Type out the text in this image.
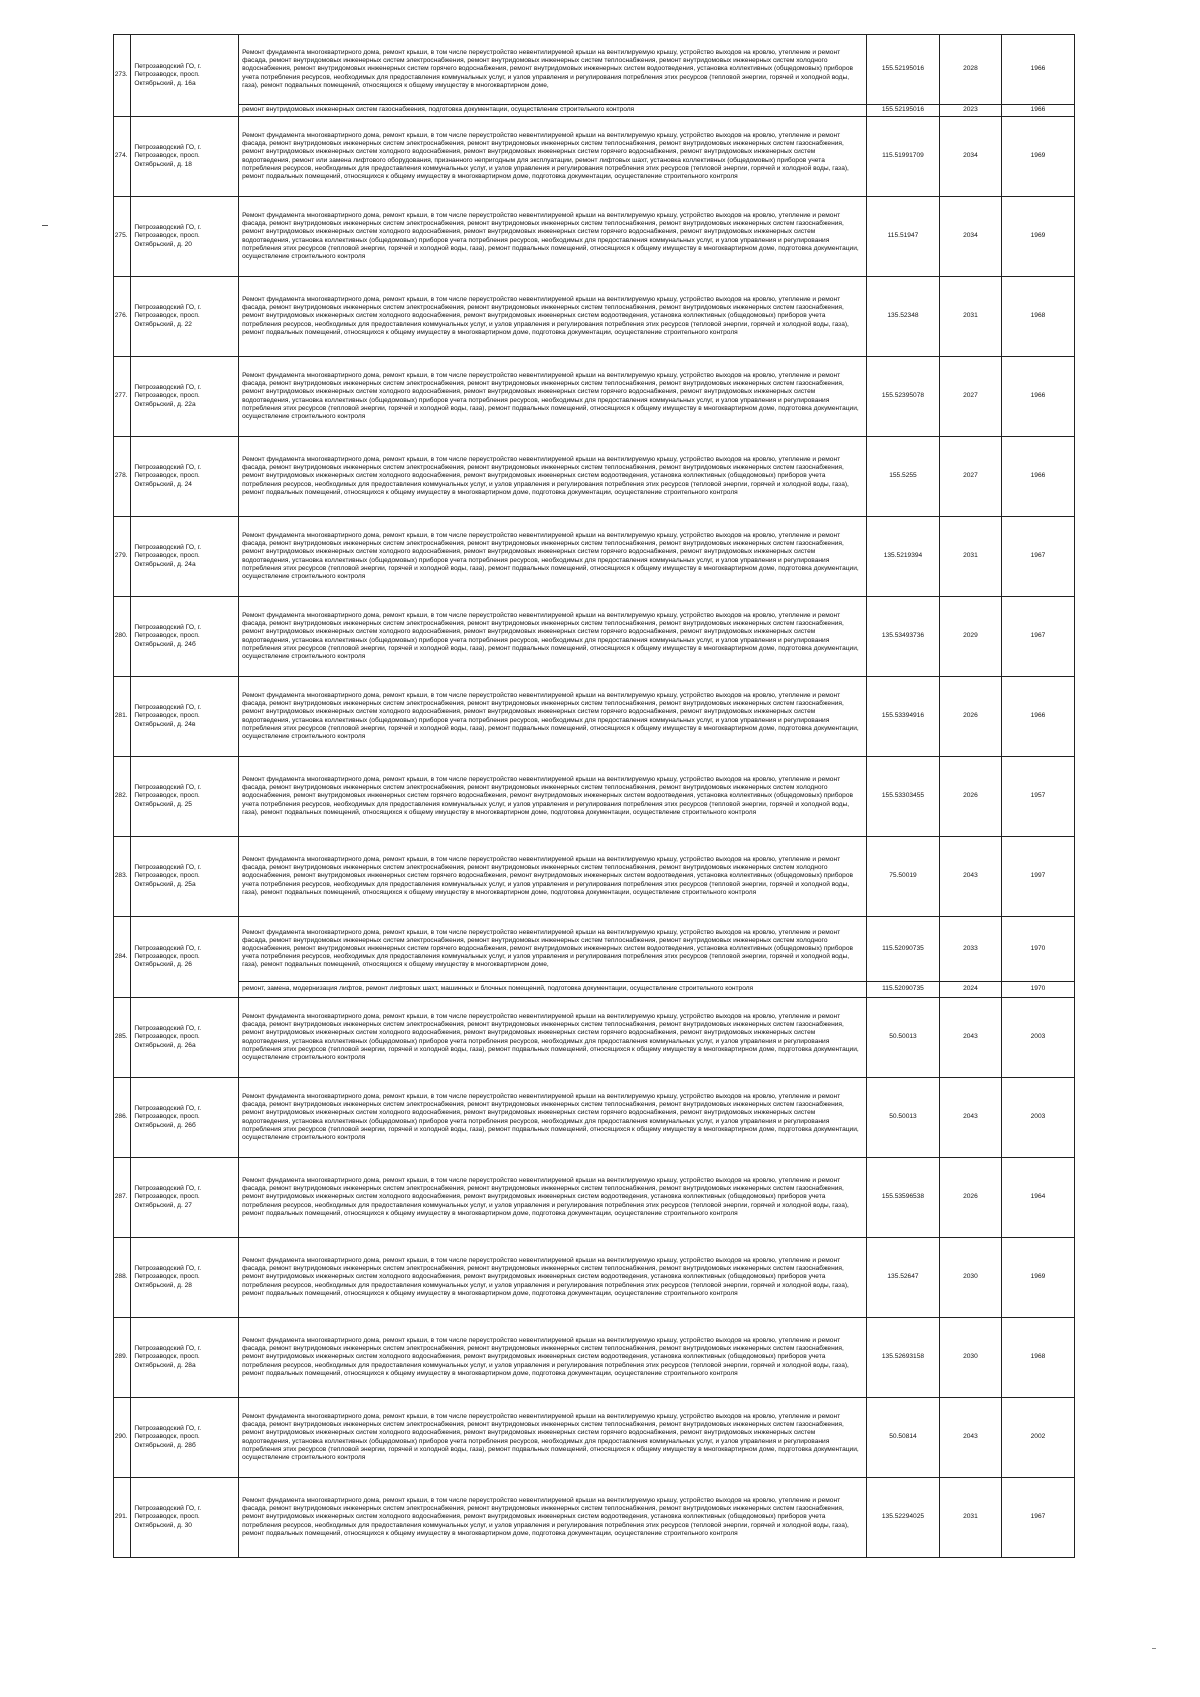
273.	Петрозаводский ГО, г. Петрозаводск, просп. Октябрьский, д. 16а	Ремонт фундамента многоквартирного дома, ремонт крыши, в том числе переустройство невентилируемой крыши на вентилируемую крышу, устройство выходов на кровлю, утепление и ремонт фасада, ремонт внутридомовых инженерных систем электроснабжения, ремонт внутридомовых инженерных систем теплоснабжения, ремонт внутридомовых инженерных систем холодного водоснабжения, ремонт внутридомовых инженерных систем горячего водоснабжения, ремонт внутридомовых инженерных систем водоотведения, установка коллективных (общедомовых) приборов учета потребления ресурсов, необходимых для предоставления коммунальных услуг, и узлов управления и регулирования потребления этих ресурсов (тепловой энергии, горячей и холодной воды, газа), ремонт подвальных помещений, относящихся к общему имуществу в многоквартирном доме,	155.52195016	2028	1966
		ремонт внутридомовых инженерных систем газоснабжения, подготовка документации, осуществление строительного контроля	155.52195016	2023	1966
274.	Петрозаводский ГО, г. Петрозаводск, просп. Октябрьский, д. 18	Ремонт фундамента многоквартирного дома, ремонт крыши, в том числе переустройство невентилируемой крыши на вентилируемую крышу, устройство выходов на кровлю, утепление и ремонт фасада, ремонт внутридомовых инженерных систем электроснабжения, ремонт внутридомовых инженерных систем теплоснабжения, ремонт внутридомовых инженерных систем газоснабжения, ремонт внутридомовых инженерных систем холодного водоснабжения, ремонт внутридомовых инженерных систем горячего водоснабжения, ремонт внутридомовых инженерных систем водоотведения, ремонт или замена лифтового оборудования, признанного непригодным для эксплуатации, ремонт лифтовых шахт, установка коллективных (общедомовых) приборов учета потребления ресурсов, необходимых для предоставления коммунальных услуг, и узлов управления и регулирования потребления этих ресурсов (тепловой энергии, горячей и холодной воды, газа), ремонт подвальных помещений, относящихся к общему имуществу в многоквартирном доме, подготовка документации, осуществление строительного контроля	115.51991709	2034	1969
275.	Петрозаводский ГО, г. Петрозаводск, просп. Октябрьский, д. 20	Ремонт фундамента многоквартирного дома, ремонт крыши, в том числе переустройство невентилируемой крыши на вентилируемую крышу, устройство выходов на кровлю, утепление и ремонт фасада, ремонт внутридомовых инженерных систем электроснабжения, ремонт внутридомовых инженерных систем теплоснабжения, ремонт внутридомовых инженерных систем газоснабжения, ремонт внутридомовых инженерных систем холодного водоснабжения, ремонт внутридомовых инженерных систем горячего водоснабжения, ремонт внутридомовых инженерных систем водоотведения, установка коллективных (общедомовых) приборов учета потребления ресурсов, необходимых для предоставления коммунальных услуг, и узлов управления и регулирования потребления этих ресурсов (тепловой энергии, горячей и холодной воды, газа), ремонт подвальных помещений, относящихся к общему имуществу в многоквартирном доме, подготовка документации, осуществление строительного контроля	115.51947	2034	1969
276.	Петрозаводский ГО, г. Петрозаводск, просп. Октябрьский, д. 22	Ремонт фундамента многоквартирного дома, ремонт крыши, в том числе переустройство невентилируемой крыши на вентилируемую крышу, устройство выходов на кровлю, утепление и ремонт фасада, ремонт внутридомовых инженерных систем электроснабжения, ремонт внутридомовых инженерных систем теплоснабжения, ремонт внутридомовых инженерных систем газоснабжения, ремонт внутридомовых инженерных систем холодного водоснабжения, ремонт внутридомовых инженерных систем водоотведения, установка коллективных (общедомовых) приборов учета потребления ресурсов, необходимых для предоставления коммунальных услуг, и узлов управления и регулирования потребления этих ресурсов (тепловой энергии, горячей и холодной воды, газа), ремонт подвальных помещений, относящихся к общему имуществу в многоквартирном доме, подготовка документации, осуществление строительного контроля	135.52348	2031	1968
277.	Петрозаводский ГО, г. Петрозаводск, просп. Октябрьский, д. 22а	Ремонт фундамента многоквартирного дома, ремонт крыши, в том числе переустройство невентилируемой крыши на вентилируемую крышу, устройство выходов на кровлю, утепление и ремонт фасада, ремонт внутридомовых инженерных систем электроснабжения, ремонт внутридомовых инженерных систем теплоснабжения, ремонт внутридомовых инженерных систем газоснабжения, ремонт внутридомовых инженерных систем холодного водоснабжения, ремонт внутридомовых инженерных систем горячего водоснабжения, ремонт внутридомовых инженерных систем водоотведения, установка коллективных (общедомовых) приборов учета потребления ресурсов, необходимых для предоставления коммунальных услуг, и узлов управления и регулирования потребления этих ресурсов (тепловой энергии, горячей и холодной воды, газа), ремонт подвальных помещений, относящихся к общему имуществу в многоквартирном доме, подготовка документации, осуществление строительного контроля	155.52395078	2027	1966
278.	Петрозаводский ГО, г. Петрозаводск, просп. Октябрьский, д. 24	Ремонт фундамента многоквартирного дома, ремонт крыши, в том числе переустройство невентилируемой крыши на вентилируемую крышу, устройство выходов на кровлю, утепление и ремонт фасада, ремонт внутридомовых инженерных систем электроснабжения, ремонт внутридомовых инженерных систем теплоснабжения, ремонт внутридомовых инженерных систем газоснабжения, ремонт внутридомовых инженерных систем холодного водоснабжения, ремонт внутридомовых инженерных систем водоотведения, установка коллективных (общедомовых) приборов учета потребления ресурсов, необходимых для предоставления коммунальных услуг, и узлов управления и регулирования потребления этих ресурсов (тепловой энергии, горячей и холодной воды, газа), ремонт подвальных помещений, относящихся к общему имуществу в многоквартирном доме, подготовка документации, осуществление строительного контроля	155.5255	2027	1966
279.	Петрозаводский ГО, г. Петрозаводск, просп. Октябрьский, д. 24а	Ремонт фундамента многоквартирного дома, ремонт крыши, в том числе переустройство невентилируемой крыши на вентилируемую крышу, устройство выходов на кровлю, утепление и ремонт фасада, ремонт внутридомовых инженерных систем электроснабжения, ремонт внутридомовых инженерных систем теплоснабжения, ремонт внутридомовых инженерных систем газоснабжения, ремонт внутридомовых инженерных систем холодного водоснабжения, ремонт внутридомовых инженерных систем горячего водоснабжения, ремонт внутридомовых инженерных систем водоотведения, установка коллективных (общедомовых) приборов учета потребления ресурсов, необходимых для предоставления коммунальных услуг, и узлов управления и регулирования потребления этих ресурсов (тепловой энергии, горячей и холодной воды, газа), ремонт подвальных помещений, относящихся к общему имуществу в многоквартирном доме, подготовка документации, осуществление строительного контроля	135.5219394	2031	1967
280.	Петрозаводский ГО, г. Петрозаводск, просп. Октябрьский, д. 24б	Ремонт фундамента многоквартирного дома, ремонт крыши, в том числе переустройство невентилируемой крыши на вентилируемую крышу, устройство выходов на кровлю, утепление и ремонт фасада, ремонт внутридомовых инженерных систем электроснабжения, ремонт внутридомовых инженерных систем теплоснабжения, ремонт внутридомовых инженерных систем газоснабжения, ремонт внутридомовых инженерных систем холодного водоснабжения, ремонт внутридомовых инженерных систем горячего водоснабжения, ремонт внутридомовых инженерных систем водоотведения, установка коллективных (общедомовых) приборов учета потребления ресурсов, необходимых для предоставления коммунальных услуг, и узлов управления и регулирования потребления этих ресурсов (тепловой энергии, горячей и холодной воды, газа), ремонт подвальных помещений, относящихся к общему имуществу в многоквартирном доме, подготовка документации, осуществление строительного контроля	135.53493736	2029	1967
281.	Петрозаводский ГО, г. Петрозаводск, просп. Октябрьский, д. 24в	Ремонт фундамента многоквартирного дома, ремонт крыши, в том числе переустройство невентилируемой крыши на вентилируемую крышу, устройство выходов на кровлю, утепление и ремонт фасада, ремонт внутридомовых инженерных систем электроснабжения, ремонт внутридомовых инженерных систем теплоснабжения, ремонт внутридомовых инженерных систем газоснабжения, ремонт внутридомовых инженерных систем холодного водоснабжения, ремонт внутридомовых инженерных систем горячего водоснабжения, ремонт внутридомовых инженерных систем водоотведения, установка коллективных (общедомовых) приборов учета потребления ресурсов, необходимых для предоставления коммунальных услуг, и узлов управления и регулирования потребления этих ресурсов (тепловой энергии, горячей и холодной воды, газа), ремонт подвальных помещений, относящихся к общему имуществу в многоквартирном доме, подготовка документации, осуществление строительного контроля	155.53394916	2026	1966
282.	Петрозаводский ГО, г. Петрозаводск, просп. Октябрьский, д. 25	Ремонт фундамента многоквартирного дома, ремонт крыши, в том числе переустройство невентилируемой крыши на вентилируемую крышу, устройство выходов на кровлю, утепление и ремонт фасада, ремонт внутридомовых инженерных систем электроснабжения, ремонт внутридомовых инженерных систем теплоснабжения, ремонт внутридомовых инженерных систем холодного водоснабжения, ремонт внутридомовых инженерных систем горячего водоснабжения, ремонт внутридомовых инженерных систем водоотведения, установка коллективных (общедомовых) приборов учета потребления ресурсов, необходимых для предоставления коммунальных услуг, и узлов управления и регулирования потребления этих ресурсов (тепловой энергии, горячей и холодной воды, газа), ремонт подвальных помещений, относящихся к общему имуществу в многоквартирном доме, подготовка документации, осуществление строительного контроля	155.53303455	2026	1957
283.	Петрозаводский ГО, г. Петрозаводск, просп. Октябрьский, д. 25а	Ремонт фундамента многоквартирного дома, ремонт крыши, в том числе переустройство невентилируемой крыши на вентилируемую крышу, устройство выходов на кровлю, утепление и ремонт фасада, ремонт внутридомовых инженерных систем электроснабжения, ремонт внутридомовых инженерных систем теплоснабжения, ремонт внутридомовых инженерных систем холодного водоснабжения, ремонт внутридомовых инженерных систем горячего водоснабжения, ремонт внутридомовых инженерных систем водоотведения, установка коллективных (общедомовых) приборов учета потребления ресурсов, необходимых для предоставления коммунальных услуг, и узлов управления и регулирования потребления этих ресурсов (тепловой энергии, горячей и холодной воды, газа), ремонт подвальных помещений, относящихся к общему имуществу в многоквартирном доме, подготовка документации, осуществление строительного контроля	75.50019	2043	1997
284.	Петрозаводский ГО, г. Петрозаводск, просп. Октябрьский, д. 26	Ремонт фундамента многоквартирного дома, ремонт крыши, в том числе переустройство невентилируемой крыши на вентилируемую крышу, устройство выходов на кровлю, утепление и ремонт фасада, ремонт внутридомовых инженерных систем электроснабжения, ремонт внутридомовых инженерных систем теплоснабжения, ремонт внутридомовых инженерных систем холодного водоснабжения, ремонт внутридомовых инженерных систем горячего водоснабжения, ремонт внутридомовых инженерных систем водоотведения, установка коллективных (общедомовых) приборов учета потребления ресурсов, необходимых для предоставления коммунальных услуг, и узлов управления и регулирования потребления этих ресурсов (тепловой энергии, горячей и холодной воды, газа), ремонт подвальных помещений, относящихся к общему имуществу в многоквартирном доме,	115.52090735	2033	1970
		ремонт, замена, модернизация лифтов, ремонт лифтовых шахт, машинных и блочных помещений, подготовка документации, осуществление строительного контроля	115.52090735	2024	1970
285.	Петрозаводский ГО, г. Петрозаводск, просп. Октябрьский, д. 26а	Ремонт фундамента многоквартирного дома, ремонт крыши, в том числе переустройство невентилируемой крыши на вентилируемую крышу, устройство выходов на кровлю, утепление и ремонт фасада, ремонт внутридомовых инженерных систем электроснабжения, ремонт внутридомовых инженерных систем теплоснабжения, ремонт внутридомовых инженерных систем газоснабжения, ремонт внутридомовых инженерных систем холодного водоснабжения, ремонт внутридомовых инженерных систем горячего водоснабжения, ремонт внутридомовых инженерных систем водоотведения, установка коллективных (общедомовых) приборов учета потребления ресурсов, необходимых для предоставления коммунальных услуг, и узлов управления и регулирования потребления этих ресурсов (тепловой энергии, горячей и холодной воды, газа), ремонт подвальных помещений, относящихся к общему имуществу в многоквартирном доме, подготовка документации, осуществление строительного контроля	50.50013	2043	2003
286.	Петрозаводский ГО, г. Петрозаводск, просп. Октябрьский, д. 26б	Ремонт фундамента многоквартирного дома, ремонт крыши, в том числе переустройство невентилируемой крыши на вентилируемую крышу, устройство выходов на кровлю, утепление и ремонт фасада, ремонт внутридомовых инженерных систем электроснабжения, ремонт внутридомовых инженерных систем теплоснабжения, ремонт внутридомовых инженерных систем газоснабжения, ремонт внутридомовых инженерных систем холодного водоснабжения, ремонт внутридомовых инженерных систем горячего водоснабжения, ремонт внутридомовых инженерных систем водоотведения, установка коллективных (общедомовых) приборов учета потребления ресурсов, необходимых для предоставления коммунальных услуг, и узлов управления и регулирования потребления этих ресурсов (тепловой энергии, горячей и холодной воды, газа), ремонт подвальных помещений, относящихся к общему имуществу в многоквартирном доме, подготовка документации, осуществление строительного контроля	50.50013	2043	2003
287.	Петрозаводский ГО, г. Петрозаводск, просп. Октябрьский, д. 27	Ремонт фундамента многоквартирного дома, ремонт крыши, в том числе переустройство невентилируемой крыши на вентилируемую крышу, устройство выходов на кровлю, утепление и ремонт фасада, ремонт внутридомовых инженерных систем электроснабжения, ремонт внутридомовых инженерных систем теплоснабжения, ремонт внутридомовых инженерных систем газоснабжения, ремонт внутридомовых инженерных систем холодного водоснабжения, ремонт внутридомовых инженерных систем водоотведения, установка коллективных (общедомовых) приборов учета потребления ресурсов, необходимых для предоставления коммунальных услуг, и узлов управления и регулирования потребления этих ресурсов (тепловой энергии, горячей и холодной воды, газа), ремонт подвальных помещений, относящихся к общему имуществу в многоквартирном доме, подготовка документации, осуществление строительного контроля	155.53596538	2026	1964
288.	Петрозаводский ГО, г. Петрозаводск, просп. Октябрьский, д. 28	Ремонт фундамента многоквартирного дома, ремонт крыши, в том числе переустройство невентилируемой крыши на вентилируемую крышу, устройство выходов на кровлю, утепление и ремонт фасада, ремонт внутридомовых инженерных систем электроснабжения, ремонт внутридомовых инженерных систем теплоснабжения, ремонт внутридомовых инженерных систем газоснабжения, ремонт внутридомовых инженерных систем холодного водоснабжения, ремонт внутридомовых инженерных систем водоотведения, установка коллективных (общедомовых) приборов учета потребления ресурсов, необходимых для предоставления коммунальных услуг, и узлов управления и регулирования потребления этих ресурсов (тепловой энергии, горячей и холодной воды, газа), ремонт подвальных помещений, относящихся к общему имуществу в многоквартирном доме, подготовка документации, осуществление строительного контроля	135.52647	2030	1969
289.	Петрозаводский ГО, г. Петрозаводск, просп. Октябрьский, д. 28а	Ремонт фундамента многоквартирного дома, ремонт крыши, в том числе переустройство невентилируемой крыши на вентилируемую крышу, устройство выходов на кровлю, утепление и ремонт фасада, ремонт внутридомовых инженерных систем электроснабжения, ремонт внутридомовых инженерных систем теплоснабжения, ремонт внутридомовых инженерных систем газоснабжения, ремонт внутридомовых инженерных систем холодного водоснабжения, ремонт внутридомовых инженерных систем водоотведения, установка коллективных (общедомовых) приборов учета потребления ресурсов, необходимых для предоставления коммунальных услуг, и узлов управления и регулирования потребления этих ресурсов (тепловой энергии, горячей и холодной воды, газа), ремонт подвальных помещений, относящихся к общему имуществу в многоквартирном доме, подготовка документации, осуществление строительного контроля	135.52693158	2030	1968
290.	Петрозаводский ГО, г. Петрозаводск, просп. Октябрьский, д. 28б	Ремонт фундамента многоквартирного дома, ремонт крыши, в том числе переустройство невентилируемой крыши на вентилируемую крышу, устройство выходов на кровлю, утепление и ремонт фасада, ремонт внутридомовых инженерных систем электроснабжения, ремонт внутридомовых инженерных систем теплоснабжения, ремонт внутридомовых инженерных систем газоснабжения, ремонт внутридомовых инженерных систем холодного водоснабжения, ремонт внутридомовых инженерных систем горячего водоснабжения, ремонт внутридомовых инженерных систем водоотведения, установка коллективных (общедомовых) приборов учета потребления ресурсов, необходимых для предоставления коммунальных услуг, и узлов управления и регулирования потребления этих ресурсов (тепловой энергии, горячей и холодной воды, газа), ремонт подвальных помещений, относящихся к общему имуществу в многоквартирном доме, подготовка документации, осуществление строительного контроля	50.50814	2043	2002
291.	Петрозаводский ГО, г. Петрозаводск, просп. Октябрьский, д. 30	Ремонт фундамента многоквартирного дома, ремонт крыши, в том числе переустройство невентилируемой крыши на вентилируемую крышу, устройство выходов на кровлю, утепление и ремонт фасада, ремонт внутридомовых инженерных систем электроснабжения, ремонт внутридомовых инженерных систем теплоснабжения, ремонт внутридомовых инженерных систем газоснабжения, ремонт внутридомовых инженерных систем холодного водоснабжения, ремонт внутридомовых инженерных систем водоотведения, установка коллективных (общедомовых) приборов учета потребления ресурсов, необходимых для предоставления коммунальных услуг, и узлов управления и регулирования потребления этих ресурсов (тепловой энергии, горячей и холодной воды, газа), ремонт подвальных помещений, относящихся к общему имуществу в многоквартирном доме, подготовка документации, осуществление строительного контроля	135.52294025	2031	1967
